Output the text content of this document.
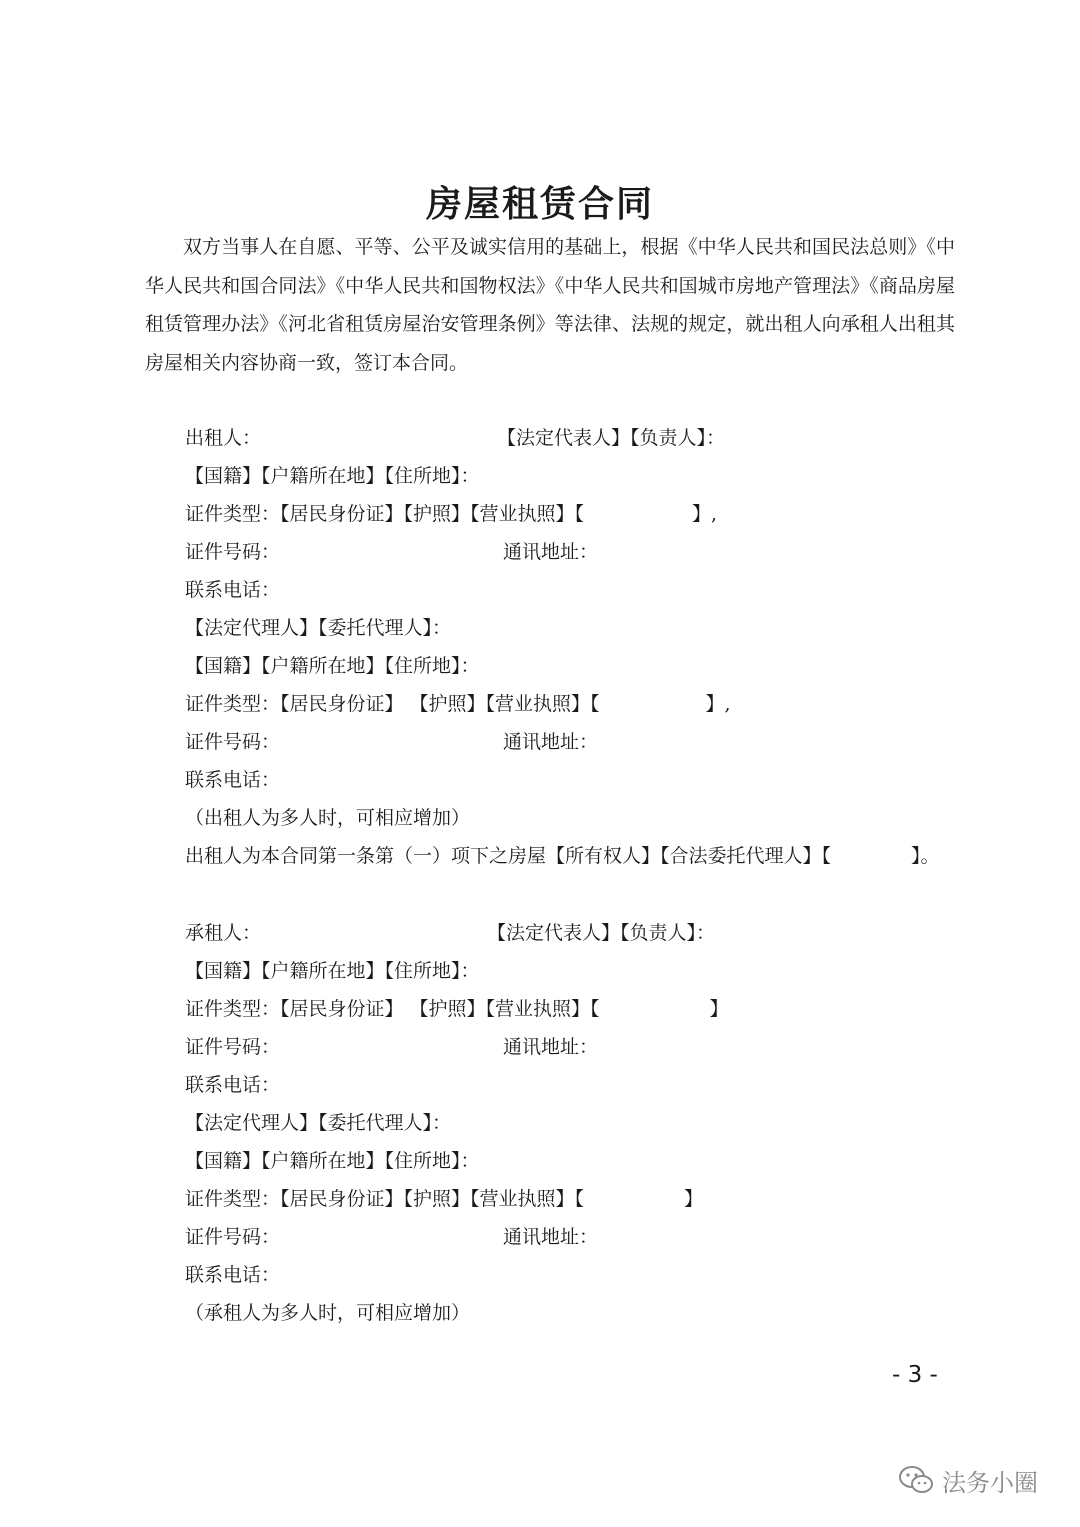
房屋租赁合同

双方当事人在自愿、平等、公平及诚实信用的基础上，根据《中华人民共和国民法总则》《中华人民共和国合同法》《中华人民共和国物权法》《中华人民共和国城市房地产管理法》《商品房屋租赁管理办法》《河北省租赁房屋治安管理条例》等法律、法规的规定，就出租人向承租人出租其房屋相关内容协商一致，签订本合同。

出租人：	【法定代表人】【负责人】：
【国籍】【户籍所在地】【住所地】：
证件类型：【居民身份证】【护照】【营业执照】【	】,
证件号码：	通讯地址：
联系电话：
【法定代理人】【委托代理人】：
【国籍】【户籍所在地】【住所地】：
证件类型：【居民身份证】 【护照】【营业执照】【	】,
证件号码：	通讯地址：
联系电话：
（出租人为多人时，可相应增加）
出租人为本合同第一条第（一）项下之房屋【所有权人】【合法委托代理人】【	】。
承租人：	【法定代表人】【负责人】：
【国籍】【户籍所在地】【住所地】：
证件类型：【居民身份证】 【护照】【营业执照】【	】
证件号码：	通讯地址：
联系电话：
【法定代理人】【委托代理人】：
【国籍】【户籍所在地】【住所地】：
证件类型：【居民身份证】【护照】【营业执照】【	】
证件号码：	通讯地址：
联系电话：
（承租人为多人时，可相应增加）
- 3 -
法务小圈
